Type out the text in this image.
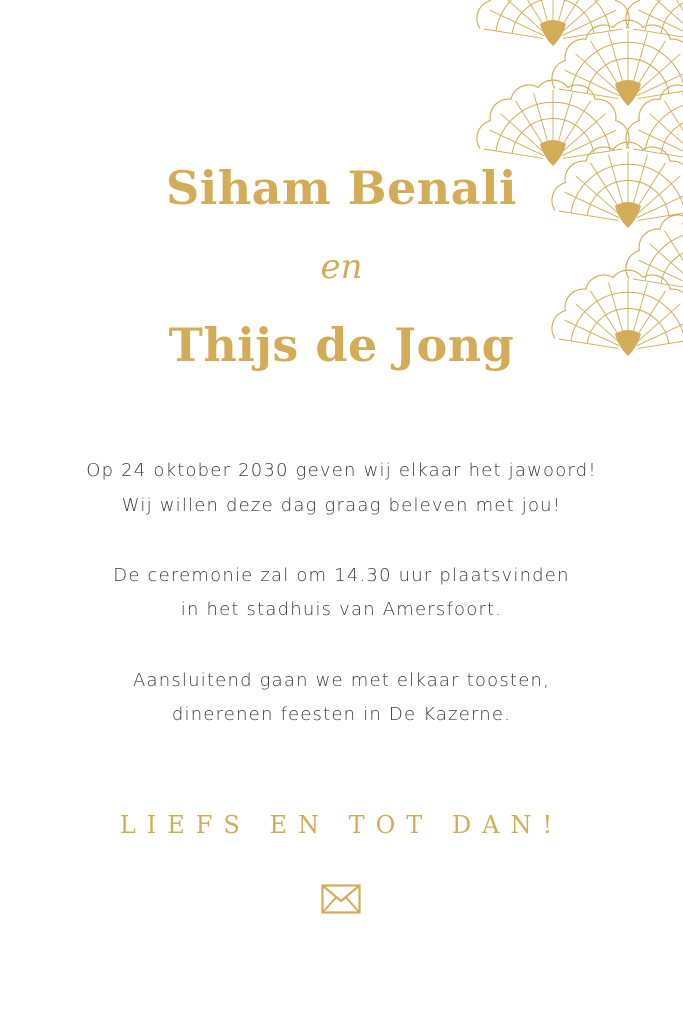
Siham Benali
en
Thijs de Jong
Op 24 oktober 2030 geven wij elkaar het jawoord!
Wij willen deze dag graag beleven met jou!
De ceremonie zal om 14.30 uur plaatsvinden
in het stadhuis van Amersfoort.
Aansluitend gaan we met elkaar toosten,
dinerenen feesten in De Kazerne.
LIEFS EN TOT DAN!
